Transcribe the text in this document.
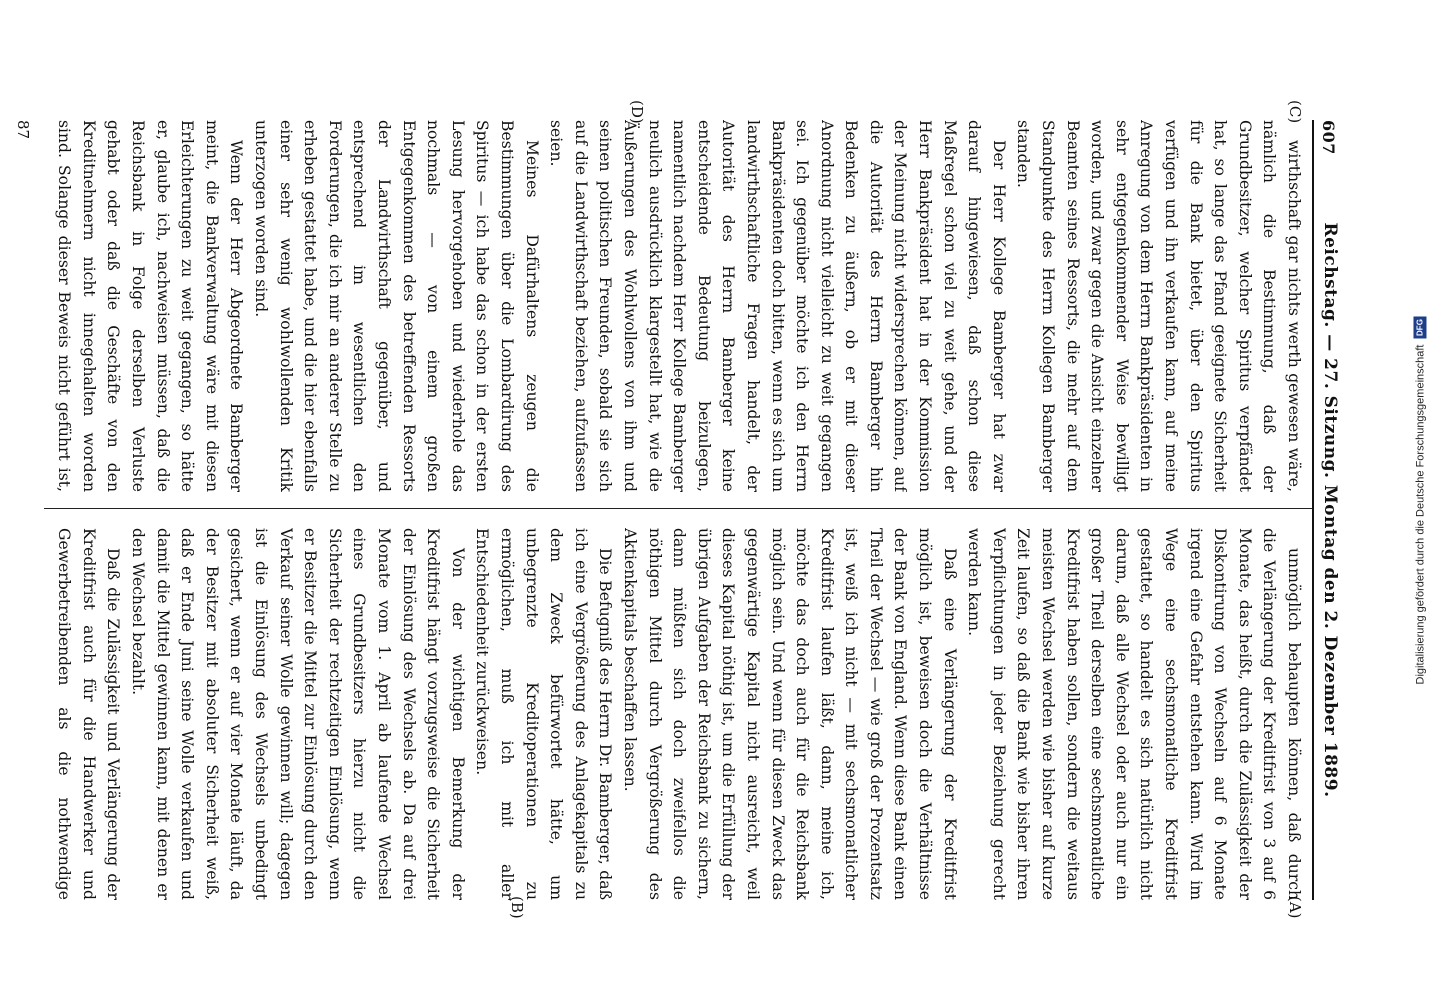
607
Reichstag. — 27. Sitzung. Montag den 2. Dezember 1889.
(A)
(B)
(C)
(D)

wirthschaft gar nichts werth gewesen wäre, nämlich die Bestimmung, daß der Grundbesitzer, welcher Spiritus verpfändet hat, so lange das Pfand geeignete Sicherheit für die Bank bietet, über den Spiritus verfügen und ihn verkaufen kann, auf meine Anregung von dem Herrn Bankpräsidenten in sehr entgegenkommender Weise bewilligt worden, und zwar gegen die Ansicht einzelner Beamten seines Ressorts, die mehr auf dem Standpunkte des Herrn Kollegen Bamberger standen.

Der Herr Kollege Bamberger hat zwar darauf hingewiesen, daß schon diese Maßregel schon viel zu weit gehe, und der Herr Bankpräsident hat in der Kommission der Meinung nicht widersprechen können, auf die Autorität des Herrn Bamberger hin Bedenken zu äußern, ob er mit dieser Anordnung nicht vielleicht zu weit gegangen sei. Ich gegenüber möchte ich den Herrn Bankpräsidenten doch bitten, wenn es sich um landwirthschaftliche Fragen handelt, der Autorität des Herrn Bamberger keine entscheidende Bedeutung beizulegen, namentlich nachdem Herr Kollege Bamberger neulich ausdrücklich klargestellt hat, wie die Äußerungen des Wohlwollens von ihm und seinen politischen Freunden, sobald sie sich auf die Landwirthschaft beziehen, aufzufassen seien.

Meines Dafürhaltens zeugen die Bestimmungen über die Lombardirung des Spiritus — ich habe das schon in der ersten Lesung hervorgehoben und wiederhole das nochmals — von einem großen Entgegenkommen des betreffenden Ressorts der Landwirthschaft gegenüber, und entsprechend im wesentlichen den Forderungen, die ich mir an anderer Stelle zu erheben gestattet habe, und die hier ebenfalls einer sehr wenig wohlwollenden Kritik unterzogen worden sind.

Wenn der Herr Abgeordnete Bamberger meint, die Bankverwaltung wäre mit diesen Erleichterungen zu weit gegangen, so hätte er, glaube ich, nachweisen müssen, daß die Reichsbank in Folge derselben Verluste gehabt oder daß die Geschäfte von den Kreditnehmern nicht innegehalten worden sind. Solange dieser Beweis nicht geführt ist,

unmöglich behaupten können, daß durch die Verlängerung der Kreditfrist von 3 auf 6 Monate, das heißt, durch die Zulässigkeit der Diskontirung von Wechseln auf 6 Monate irgend eine Gefahr entstehen kann. Wird im Wege eine sechsmonatliche Kreditfrist gestattet, so handelt es sich natürlich nicht darum, daß alle Wechsel oder auch nur ein großer Theil derselben eine sechsmonatliche Kreditfrist haben sollen, sondern die weitaus meisten Wechsel werden wie bisher auf kurze Zeit laufen, so daß die Bank wie bisher ihren Verpflichtungen in jeder Beziehung gerecht werden kann.

Daß eine Verlängerung der Kreditfrist möglich ist, beweisen doch die Verhältnisse der Bank von England. Wenn diese Bank einen Theil der Wechsel — wie groß der Prozentsatz ist, weiß ich nicht — mit sechsmonatlicher Kreditfrist laufen läßt, dann, meine ich, möchte das doch auch für die Reichsbank möglich sein. Und wenn für diesen Zweck das gegenwärtige Kapital nicht ausreicht, weil dieses Kapital nöthig ist, um die Erfüllung der übrigen Aufgaben der Reichsbank zu sichern, dann müßten sich doch zweifellos die nöthigen Mittel durch Vergrößerung des Aktienkapitals beschaffen lassen.

Die Befugniß des Herrn Dr. Bamberger, daß ich eine Vergrößerung des Anlagekapitals zu dem Zweck befürwortet hätte, um unbegrenzte Kreditoperationen zu ermöglichen, muß ich mit aller Entschiedenheit zurückweisen.

Von der wichtigen Bemerkung der Kreditfrist hängt vorzugsweise die Sicherheit der Einlösung des Wechsels ab. Da auf drei Monate vom 1. April ab laufende Wechsel eines Grundbesitzers hierzu nicht die Sicherheit der rechtzeitigen Einlösung, wenn er Besitzer die Mittel zur Einlösung durch den Verkauf seiner Wolle gewinnen will; dagegen ist die Einlösung des Wechsels unbedingt gesichert, wenn er auf vier Monate läuft, da der Besitzer mit absoluter Sicherheit weiß, daß er Ende Juni seine Wolle verkaufen und damit die Mittel gewinnen kann, mit denen er den Wechsel bezahlt.

Daß die Zulässigkeit und Verlängerung der Kreditfrist auch für die Handwerker und Gewerbetreibenden als die nothwendige

87
Digitalisierung gefördert durch die Deutsche Forschungsgemeinschaft
DFG
